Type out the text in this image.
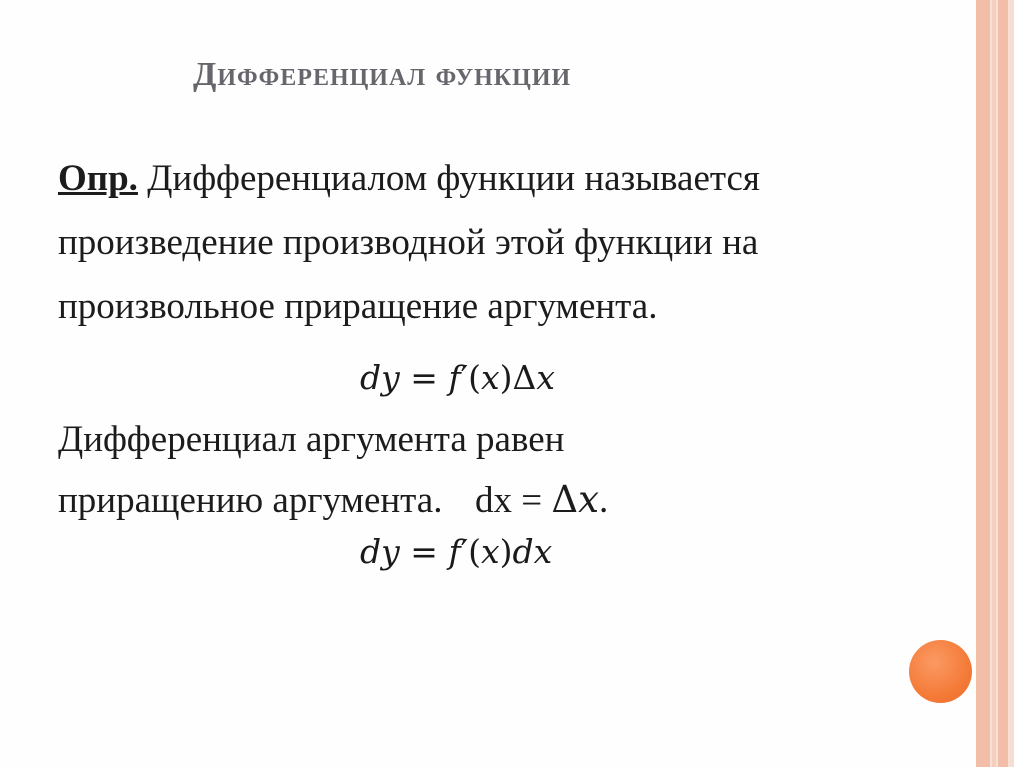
Дифференциал функции
Опр. Дифференциалом функции называется
произведение производной этой функции на
произвольное приращение аргумента.
dy = f′(x)Δx
Дифференциал аргумента равен
приращению аргумента. dx = Δx.
dy = f′(x)dx
